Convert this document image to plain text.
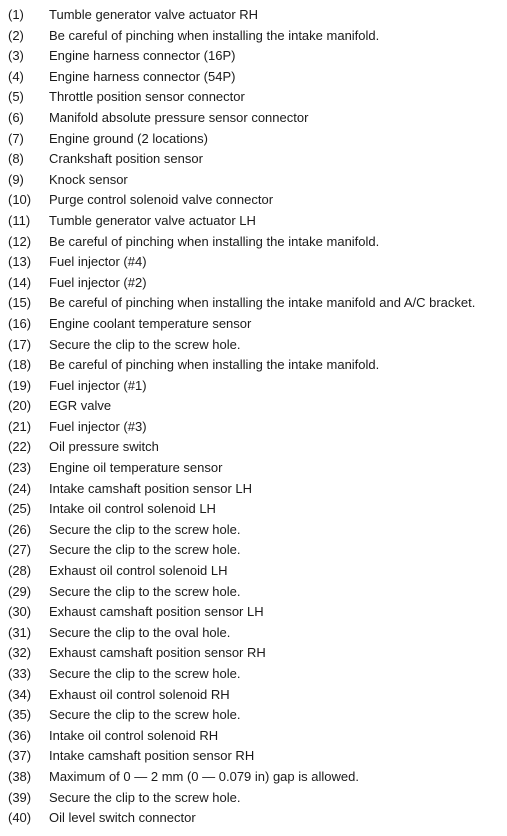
(1)	Tumble generator valve actuator RH
(2)	Be careful of pinching when installing the intake manifold.
(3)	Engine harness connector (16P)
(4)	Engine harness connector (54P)
(5)	Throttle position sensor connector
(6)	Manifold absolute pressure sensor connector
(7)	Engine ground (2 locations)
(8)	Crankshaft position sensor
(9)	Knock sensor
(10)	Purge control solenoid valve connector
(11)	Tumble generator valve actuator LH
(12)	Be careful of pinching when installing the intake manifold.
(13)	Fuel injector (#4)
(14)	Fuel injector (#2)
(15)	Be careful of pinching when installing the intake manifold and A/C bracket.
(16)	Engine coolant temperature sensor
(17)	Secure the clip to the screw hole.
(18)	Be careful of pinching when installing the intake manifold.
(19)	Fuel injector (#1)
(20)	EGR valve
(21)	Fuel injector (#3)
(22)	Oil pressure switch
(23)	Engine oil temperature sensor
(24)	Intake camshaft position sensor LH
(25)	Intake oil control solenoid LH
(26)	Secure the clip to the screw hole.
(27)	Secure the clip to the screw hole.
(28)	Exhaust oil control solenoid LH
(29)	Secure the clip to the screw hole.
(30)	Exhaust camshaft position sensor LH
(31)	Secure the clip to the oval hole.
(32)	Exhaust camshaft position sensor RH
(33)	Secure the clip to the screw hole.
(34)	Exhaust oil control solenoid RH
(35)	Secure the clip to the screw hole.
(36)	Intake oil control solenoid RH
(37)	Intake camshaft position sensor RH
(38)	Maximum of 0 — 2 mm (0 — 0.079 in) gap is allowed.
(39)	Secure the clip to the screw hole.
(40)	Oil level switch connector
